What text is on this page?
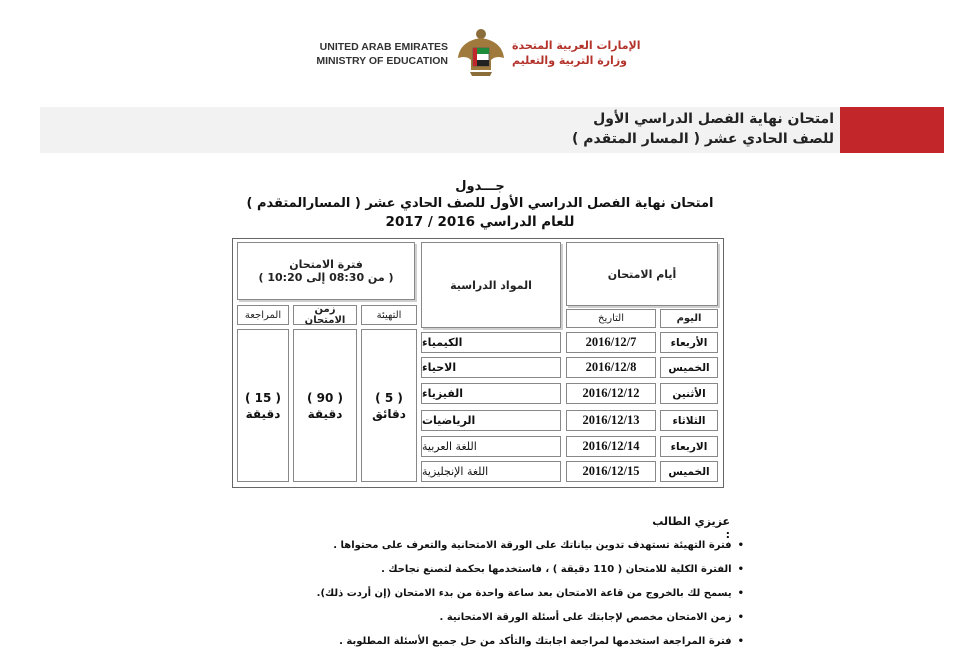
UNITED ARAB EMIRATES
MINISTRY OF EDUCATION
الإمارات العربية المتحدة
وزارة التربية والتعليم
امتحان نهاية الفصل الدراسي الأول
للصف الحادي عشر ( المسار المتقدم )
جـــدول
امتحان نهاية الفصل الدراسي الأول للصف الحادي عشر ( المسارالمتقدم )
للعام الدراسي 2016 / 2017
أيام الامتحان
المواد الدراسية
فترة الامتحان
( من 08:30 إلى 10:20 )
اليوم
التاريخ
التهيئة
زمن الامتحان
المراجعة
الأربعاء
2016/12/7
الكيمياء
الخميس
2016/12/8
الاحياء
الأثنين
2016/12/12
الفيزياء
الثلاثاء
2016/12/13
الرياضيات
الاربعاء
2016/12/14
اللغة العربية
الخميس
2016/12/15
اللغة الإنجليزية
( 5 )
دقائق
( 90 )
دقيقة
( 15 )
دقيقة
عزيزي الطالب :
• فترة التهيئة تستهدف تدوين بياناتك على الورقة الامتحانية والتعرف على محتواها .
• الفترة الكلية للامتحان ( 110 دقيقة ) ، فاستخدمها بحكمة لتصنع نجاحك .
• يسمح لك بالخروج من قاعة الامتحان بعد ساعة واحدة من بدء الامتحان (إن أردت ذلك).
• زمن الامتحان مخصص لإجابتك على أسئلة الورقة الامتحانية .
• فترة المراجعة استخدمها لمراجعة اجابتك والتأكد من حل جميع الأسئلة المطلوبة .
